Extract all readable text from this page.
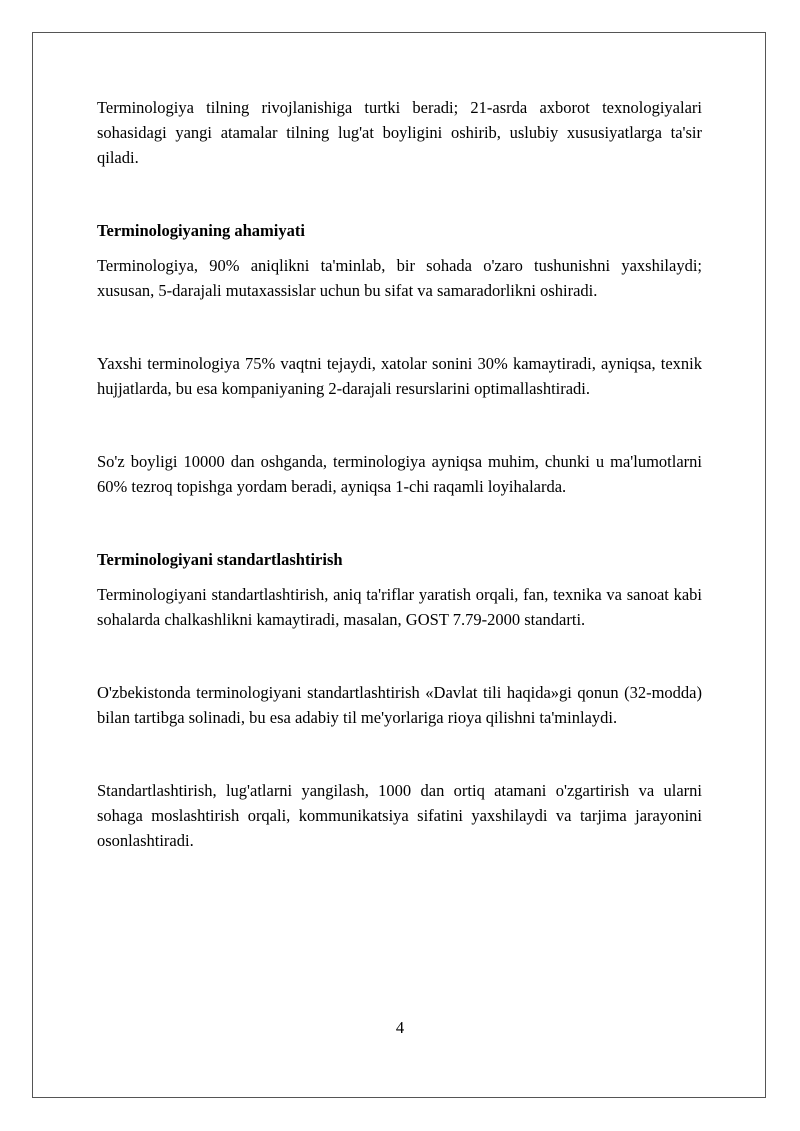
Terminologiya tilning rivojlanishiga turtki beradi; 21-asrda axborot texnologiyalari sohasidagi yangi atamalar tilning lug'at boyligini oshirib, uslubiy xususiyatlarga ta'sir qiladi.

Terminologiyaning ahamiyati

Terminologiya, 90% aniqlikni ta'minlab, bir sohada o'zaro tushunishni yaxshilaydi; xususan, 5-darajali mutaxassislar uchun bu sifat va samaradorlikni oshiradi.

Yaxshi terminologiya 75% vaqtni tejaydi, xatolar sonini 30% kamaytiradi, ayniqsa, texnik hujjatlarda, bu esa kompaniyaning 2-darajali resurslarini optimallashtiradi.

So'z boyligi 10000 dan oshganda, terminologiya ayniqsa muhim, chunki u ma'lumotlarni 60% tezroq topishga yordam beradi, ayniqsa 1-chi raqamli loyihalarda.

Terminologiyani standartlashtirish

Terminologiyani standartlashtirish, aniq ta'riflar yaratish orqali, fan, texnika va sanoat kabi sohalarda chalkashlikni kamaytiradi, masalan, GOST 7.79-2000 standarti.

O'zbekistonda terminologiyani standartlashtirish «Davlat tili haqida»gi qonun (32-modda) bilan tartibga solinadi, bu esa adabiy til me'yorlariga rioya qilishni ta'minlaydi.

Standartlashtirish, lug'atlarni yangilash, 1000 dan ortiq atamani o'zgartirish va ularni sohaga moslashtirish orqali, kommunikatsiya sifatini yaxshilaydi va tarjima jarayonini osonlashtiradi.

4
